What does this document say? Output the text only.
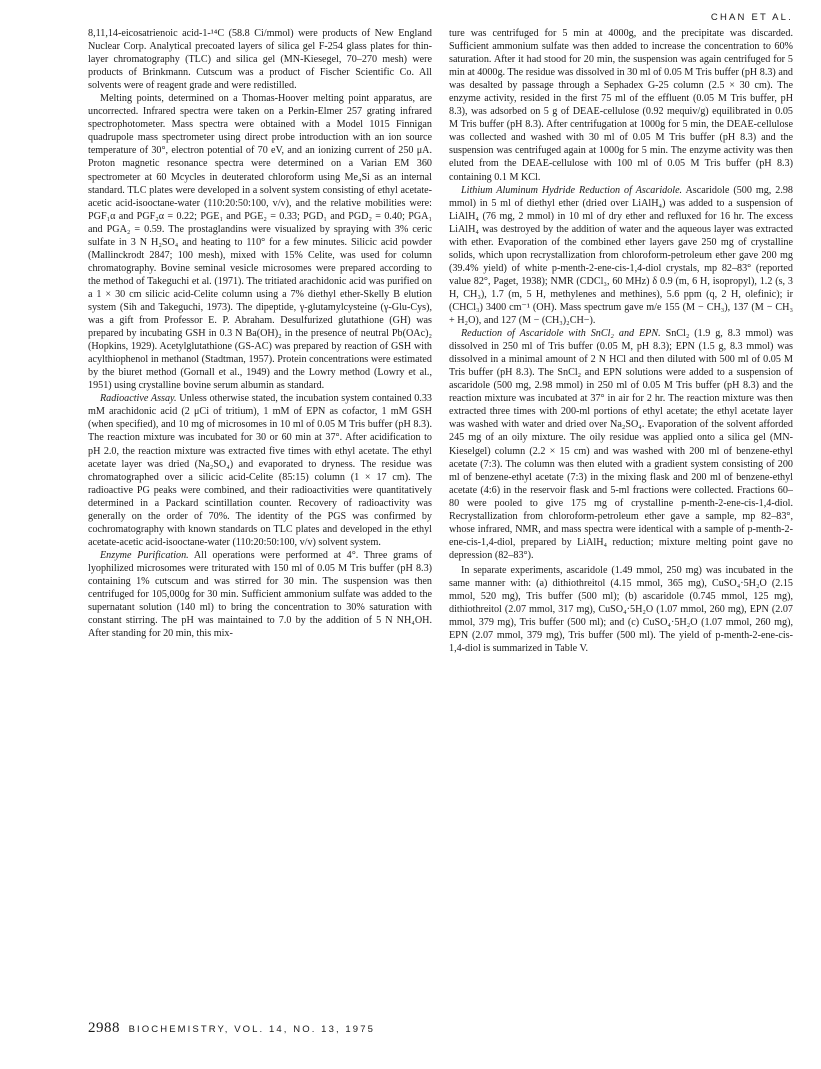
CHAN ET AL.

8,11,14-eicosatrienoic acid-1-¹⁴C (58.8 Ci/mmol) were products of New England Nuclear Corp. Analytical precoated layers of silica gel F-254 glass plates for thin-layer chromatography (TLC) and silica gel (MN-Kiesegel, 70–270 mesh) were products of Brinkmann. Cutscum was a product of Fischer Scientific Co. All solvents were of reagent grade and were redistilled.

Melting points, determined on a Thomas-Hoover melting point apparatus, are uncorrected. Infrared spectra were taken on a Perkin-Elmer 257 grating infrared spectrophotometer. Mass spectra were obtained with a Model 1015 Finnigan quadrupole mass spectrometer using direct probe introduction with an ion source temperature of 30°, electron potential of 70 eV, and an ionizing current of 250 μA. Proton magnetic resonance spectra were determined on a Varian EM 360 spectrometer at 60 Mcycles in deuterated chloroform using Me₄Si as an internal standard. TLC plates were developed in a solvent system consisting of ethyl acetate-acetic acid-isooctane-water (110:20:50:100, v/v), and the relative mobilities were: PGF₁α and PGF₂α = 0.22; PGE₁ and PGE₂ = 0.33; PGD₁ and PGD₂ = 0.40; PGA₁ and PGA₂ = 0.59. The prostaglandins were visualized by spraying with 3% ceric sulfate in 3 N H₂SO₄ and heating to 110° for a few minutes. Silicic acid powder (Mallinckrodt 2847; 100 mesh), mixed with 15% Celite, was used for column chromatography. Bovine seminal vesicle microsomes were prepared according to the method of Takeguchi et al. (1971). The tritiated arachidonic acid was purified on a 1 × 30 cm silicic acid-Celite column using a 7% diethyl ether-Skelly B elution system (Sih and Takeguchi, 1973). The dipeptide, γ-glutamylcysteine (γ-Glu-Cys), was a gift from Professor E. P. Abraham. Desulfurized glutathione (GH) was prepared by incubating GSH in 0.3 N Ba(OH)₂ in the presence of neutral Pb(OAc)₂ (Hopkins, 1929). Acetylglutathione (GS-AC) was prepared by reaction of GSH with acylthiophenol in methanol (Stadtman, 1957). Protein concentrations were estimated by the biuret method (Gornall et al., 1949) and the Lowry method (Lowry et al., 1951) using crystalline bovine serum albumin as standard.

Radioactive Assay. Unless otherwise stated, the incubation system contained 0.33 mM arachidonic acid (2 μCi of tritium), 1 mM of EPN as cofactor, 1 mM GSH (when specified), and 10 mg of microsomes in 10 ml of 0.05 M Tris buffer (pH 8.3). The reaction mixture was incubated for 30 or 60 min at 37°. After acidification to pH 2.0, the reaction mixture was extracted five times with ethyl acetate. The ethyl acetate layer was dried (Na₂SO₄) and evaporated to dryness. The residue was chromatographed over a silicic acid-Celite (85:15) column (1 × 17 cm). The radioactive PG peaks were combined, and their radioactivities were quantitatively determined in a Packard scintillation counter. Recovery of radioactivity was generally on the order of 70%. The identity of the PGS was confirmed by cochromatography with known standards on TLC plates and developed in the ethyl acetate-acetic acid-isooctane-water (110:20:50:100, v/v) solvent system.

Enzyme Purification. All operations were performed at 4°. Three grams of lyophilized microsomes were triturated with 150 ml of 0.05 M Tris buffer (pH 8.3) containing 1% cutscum and was stirred for 30 min. The suspension was then centrifuged for 105,000g for 30 min. Sufficient ammonium sulfate was added to the supernatant solution (140 ml) to bring the concentration to 30% saturation with constant stirring. The pH was maintained to 7.0 by the addition of 5 N NH₄OH. After standing for 20 min, this mix-

ture was centrifuged for 5 min at 4000g, and the precipitate was discarded. Sufficient ammonium sulfate was then added to increase the concentration to 60% saturation. After it had stood for 20 min, the suspension was again centrifuged for 5 min at 4000g. The residue was dissolved in 30 ml of 0.05 M Tris buffer (pH 8.3) and was desalted by passage through a Sephadex G-25 column (2.5 × 30 cm). The enzyme activity, resided in the first 75 ml of the effluent (0.05 M Tris buffer, pH 8.3), was adsorbed on 5 g of DEAE-cellulose (0.92 mequiv/g) equilibrated in 0.05 M Tris buffer (pH 8.3). After centrifugation at 1000g for 5 min, the DEAE-cellulose was collected and washed with 30 ml of 0.05 M Tris buffer (pH 8.3) and the suspension was centrifuged again at 1000g for 5 min. The enzyme activity was then eluted from the DEAE-cellulose with 100 ml of 0.05 M Tris buffer (pH 8.3) containing 0.1 M KCl.

Lithium Aluminum Hydride Reduction of Ascaridole. Ascaridole (500 mg, 2.98 mmol) in 5 ml of diethyl ether (dried over LiAlH₄) was added to a suspension of LiAlH₄ (76 mg, 2 mmol) in 10 ml of dry ether and refluxed for 16 hr. The excess LiAlH₄ was destroyed by the addition of water and the aqueous layer was extracted with ether. Evaporation of the combined ether layers gave 250 mg of crystalline solids, which upon recrystallization from chloroform-petroleum ether gave 200 mg (39.4% yield) of white p-menth-2-ene-cis-1,4-diol crystals, mp 82–83° (reported value 82°, Paget, 1938); NMR (CDCl₃, 60 MHz) δ 0.9 (m, 6 H, isopropyl), 1.2 (s, 3 H, CH₃), 1.7 (m, 5 H, methylenes and methines), 5.6 ppm (q, 2 H, olefinic); ir (CHCl₃) 3400 cm⁻¹ (OH). Mass spectrum gave m/e 155 (M − CH₃), 137 (M − CH₃ + H₂O), and 127 (M − (CH₃)₂CH−).

Reduction of Ascaridole with SnCl₂ and EPN. SnCl₂ (1.9 g, 8.3 mmol) was dissolved in 250 ml of Tris buffer (0.05 M, pH 8.3); EPN (1.5 g, 8.3 mmol) was dissolved in a minimal amount of 2 N HCl and then diluted with 500 ml of 0.05 M Tris buffer (pH 8.3). The SnCl₂ and EPN solutions were added to a suspension of ascaridole (500 mg, 2.98 mmol) in 250 ml of 0.05 M Tris buffer (pH 8.3) and the reaction mixture was incubated at 37° in air for 2 hr. The reaction mixture was then extracted three times with 200-ml portions of ethyl acetate; the ethyl acetate layer was washed with water and dried over Na₂SO₄. Evaporation of the solvent afforded 245 mg of an oily mixture. The oily residue was applied onto a silica gel (MN-Kieselgel) column (2.2 × 15 cm) and was washed with 200 ml of benzene-ethyl acetate (7:3). The column was then eluted with a gradient system consisting of 200 ml of benzene-ethyl acetate (7:3) in the mixing flask and 200 ml of benzene-ethyl acetate (4:6) in the reservoir flask and 5-ml fractions were collected. Fractions 60–80 were pooled to give 175 mg of crystalline p-menth-2-ene-cis-1,4-diol. Recrystallization from chloroform-petroleum ether gave a sample, mp 82–83°, whose infrared, NMR, and mass spectra were identical with a sample of p-menth-2-ene-cis-1,4-diol, prepared by LiAlH₄ reduction; mixture melting point gave no depression (82–83°).

In separate experiments, ascaridole (1.49 mmol, 250 mg) was incubated in the same manner with: (a) dithiothreitol (4.15 mmol, 365 mg), CuSO₄·5H₂O (2.15 mmol, 520 mg), Tris buffer (500 ml); (b) ascaridole (0.745 mmol, 125 mg), dithiothreitol (2.07 mmol, 317 mg), CuSO₄·5H₂O (1.07 mmol, 260 mg), EPN (2.07 mmol, 379 mg), Tris buffer (500 ml); and (c) CuSO₄·5H₂O (1.07 mmol, 260 mg), EPN (2.07 mmol, 379 mg), Tris buffer (500 ml). The yield of p-menth-2-ene-cis-1,4-diol is summarized in Table V.

2988 BIOCHEMISTRY, VOL. 14, NO. 13, 1975
